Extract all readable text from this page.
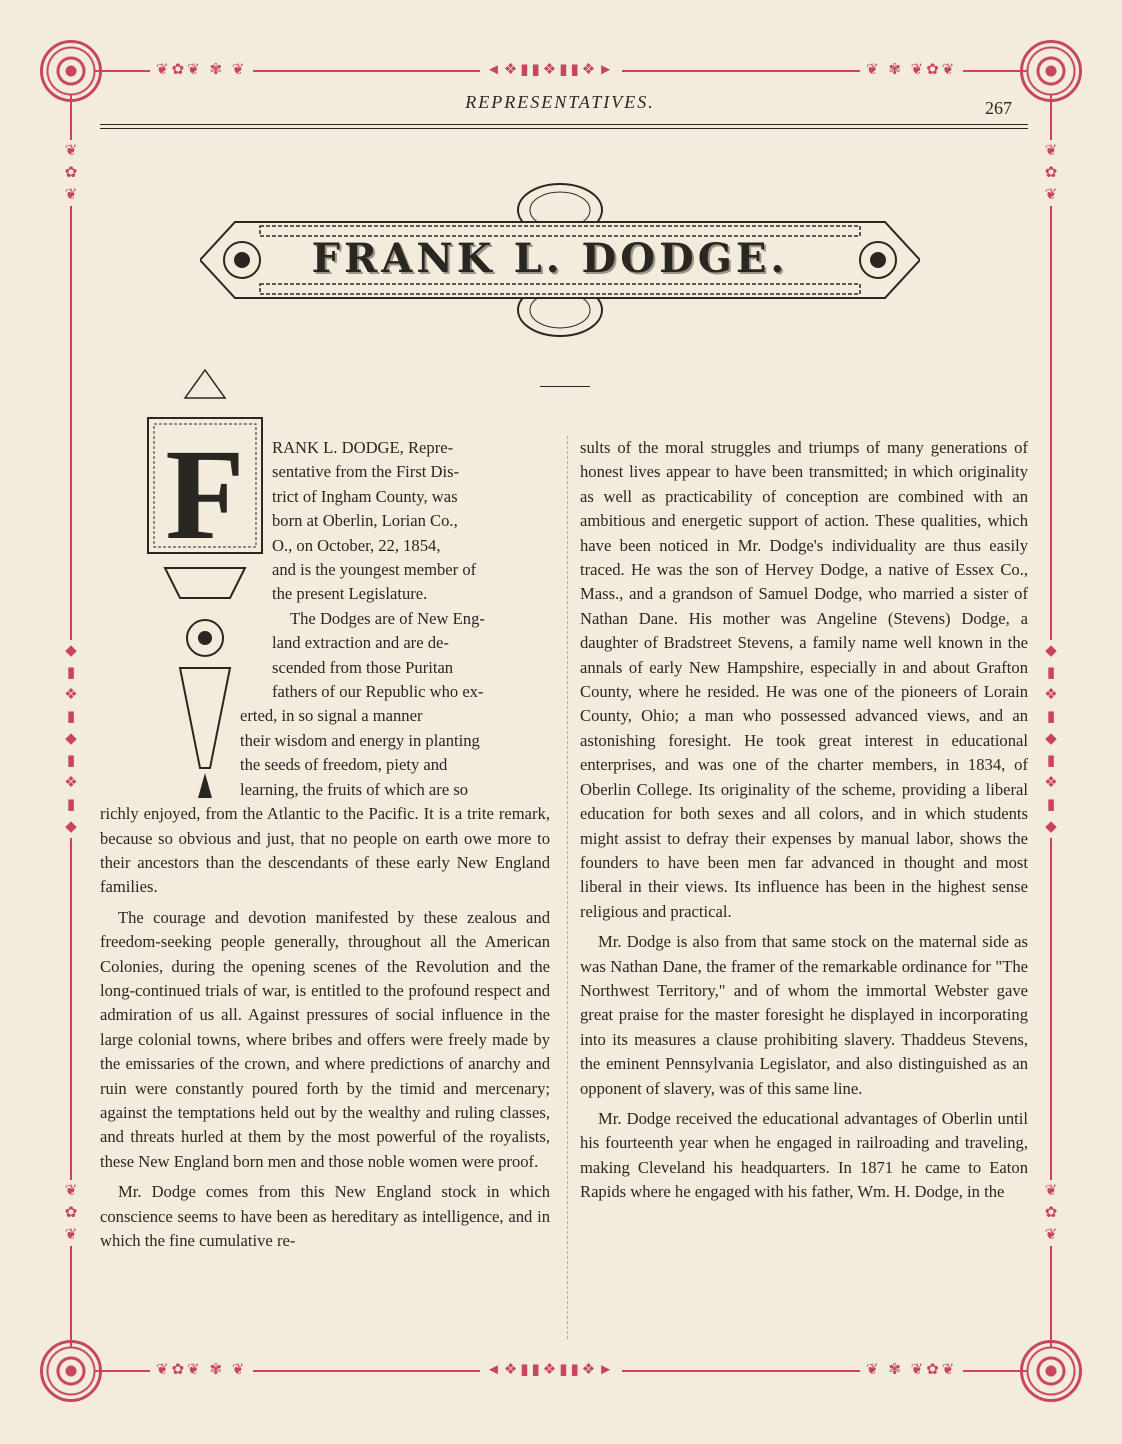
❦✿❦ ✾ ❦	◄❖▮▮❖▮▮❖►	❦ ✾ ❦✿❦
❦✿❦ ✾ ❦	◄❖▮▮❖▮▮❖►	❦ ✾ ❦✿❦
◆
▮
❖
▮
◆
▮
❖
▮
◆
◆
▮
❖
▮
◆
▮
❖
▮
◆
❦
✿
❦
❦
✿
❦
❦
✿
❦
❦
✿
❦
REPRESENTATIVES.	267
FRANK L. DODGE.
F RANK L. DODGE, Repre-

sentative from the First Dis-

trict of Ingham County, was

born at Oberlin, Lorian Co.,

O., on October, 22, 1854,

and is the youngest member of

the present Legislature.

The Dodges are of New Eng-

land extraction and are de-

scended from those Puritan

fathers of our Republic who ex-

erted, in so signal a manner

their wisdom and energy in planting

the seeds of freedom, piety and

learning, the fruits of which are so

richly enjoyed, from the Atlantic to the Pacific. It is a trite remark, because so obvious and just, that no people on earth owe more to their ancestors than the descendants of these early New England families.

The courage and devotion manifested by these zealous and freedom-seeking people generally, throughout all the American Colonies, during the opening scenes of the Revolution and the long-continued trials of war, is entitled to the profound respect and admiration of us all. Against pressures of social influence in the large colonial towns, where bribes and offers were freely made by the emissaries of the crown, and where predictions of anarchy and ruin were constantly poured forth by the timid and mercenary; against the temptations held out by the wealthy and ruling classes, and threats hurled at them by the most powerful of the royalists, these New England born men and those noble women were proof.

Mr. Dodge comes from this New England stock in which conscience seems to have been as hereditary as intelligence, and in which the fine cumulative re-

sults of the moral struggles and triumps of many generations of honest lives appear to have been transmitted; in which originality as well as practicability of conception are combined with an ambitious and energetic support of action. These qualities, which have been noticed in Mr. Dodge's individuality are thus easily traced. He was the son of Hervey Dodge, a native of Essex Co., Mass., and a grandson of Samuel Dodge, who married a sister of Nathan Dane. His mother was Angeline (Stevens) Dodge, a daughter of Bradstreet Stevens, a family name well known in the annals of early New Hampshire, especially in and about Grafton County, where he resided. He was one of the pioneers of Lorain County, Ohio; a man who possessed advanced views, and an astonishing foresight. He took great interest in educational enterprises, and was one of the charter members, in 1834, of Oberlin College. Its originality of the scheme, providing a liberal education for both sexes and all colors, and in which students might assist to defray their expenses by manual labor, shows the founders to have been men far advanced in thought and most liberal in their views. Its influence has been in the highest sense religious and practical.

Mr. Dodge is also from that same stock on the maternal side as was Nathan Dane, the framer of the remarkable ordinance for "The Northwest Territory," and of whom the immortal Webster gave great praise for the master foresight he displayed in incorporating into its measures a clause prohibiting slavery. Thaddeus Stevens, the eminent Pennsylvania Legislator, and also distinguished as an opponent of slavery, was of this same line.

Mr. Dodge received the educational advantages of Oberlin until his fourteenth year when he engaged in railroading and traveling, making Cleveland his headquarters. In 1871 he came to Eaton Rapids where he engaged with his father, Wm. H. Dodge, in the
